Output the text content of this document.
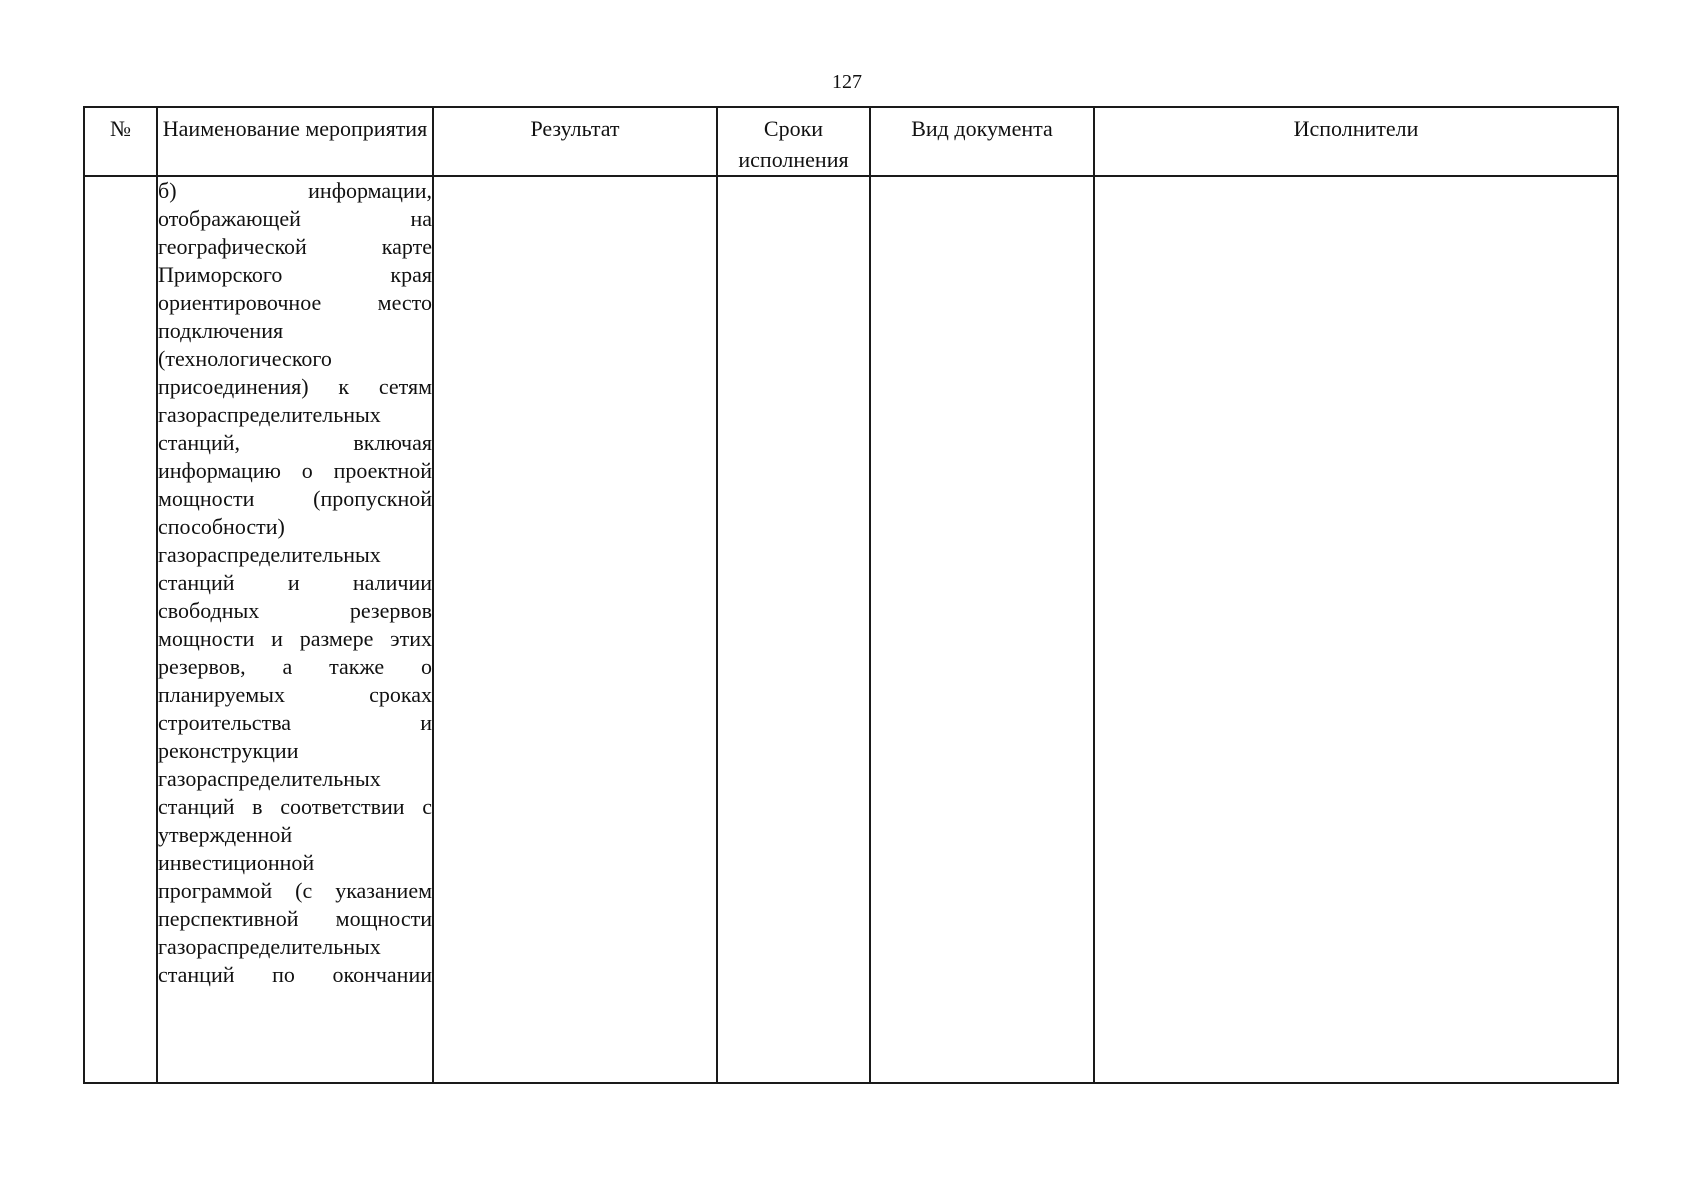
127
№	Наименование мероприятия	Результат	Сроки исполнения	Вид документа	Исполнители

	б) информации, отображающей на географической карте Приморского края ориентировочное место подключения (технологического присоединения) к сетям газораспределительных станций, включая информацию о проектной мощности (пропускной способности) газораспределительных станций и наличии свободных резервов мощности и размере этих резервов, а также о планируемых сроках строительства и реконструкции газораспределительных станций в соответствии с утвержденной инвестиционной программой (с указанием перспективной мощности газораспределительных станций по окончании				
